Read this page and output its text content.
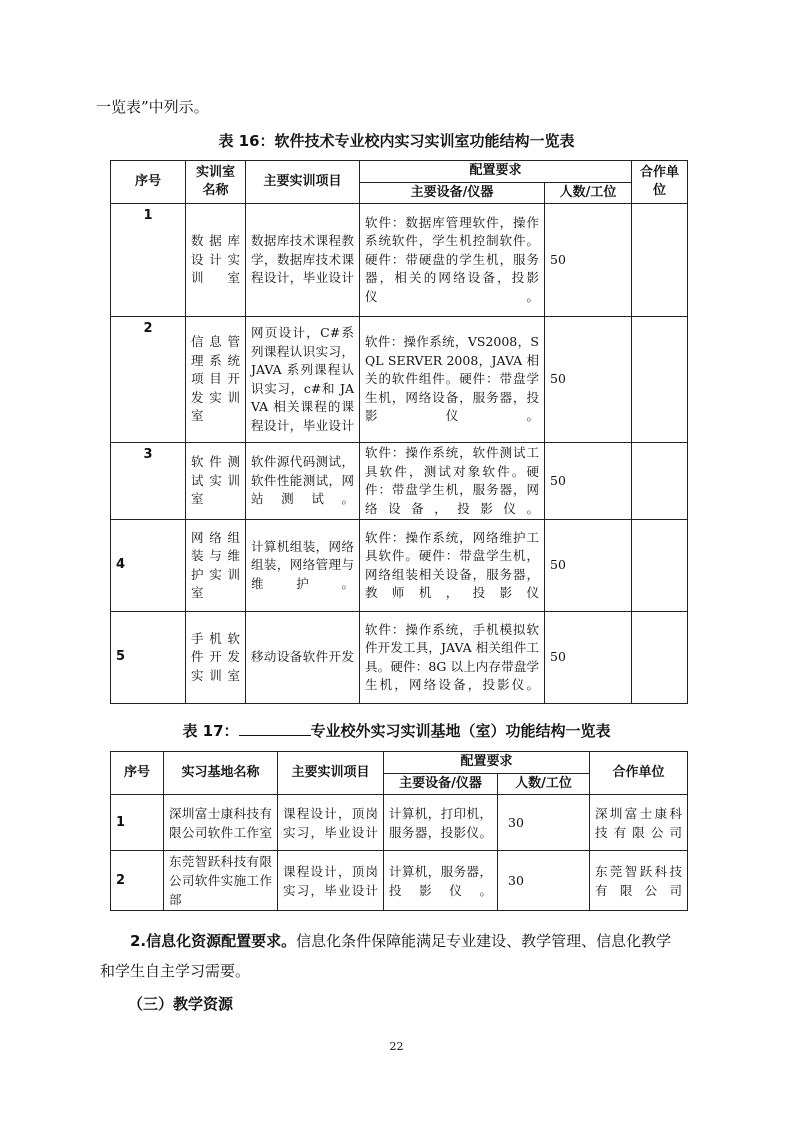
一览表”中列示。
表 16：软件技术专业校内实习实训室功能结构一览表
序号	实训室名称	主要实训项目	配置要求		合作单位
			主要设备/仪器	人数/工位	
1	数据库设计实训室	数据库技术课程教学，数据库技术课程设计，毕业设计	软件：数据库管理软件，操作系统软件，学生机控制软件。硬件：带硬盘的学生机，服务器，相关的网络设备，投影仪。	50	
2	信息管理系统项目开发实训室	网页设计，C#系列课程认识实习，JAVA 系列课程认识实习，c#和 JAVA 相关课程的课程设计，毕业设计	软件：操作系统，VS2008，SQL SERVER 2008，JAVA 相关的软件组件。硬件：带盘学生机，网络设备，服务器，投影仪。	50	
3	软件测试实训室	软件源代码测试，软件性能测试，网站测试。	软件：操作系统，软件测试工具软件，测试对象软件。硬件：带盘学生机，服务器，网络设备，投影仪。	50	
4	网络组装与维护实训室	计算机组装，网络组装，网络管理与维护。	软件：操作系统，网络维护工具软件。硬件：带盘学生机，网络组装相关设备，服务器，教师机，投影仪	50	
5	手机软件开发实训室	移动设备软件开发	软件：操作系统，手机模拟软件开发工具，JAVA 相关组件工具。硬件：8G 以上内存带盘学生机，网络设备，投影仪。	50	
表 17：	专业校外实习实训基地（室）功能结构一览表
序号	实习基地名称	主要实训项目	配置要求		合作单位
			主要设备/仪器	人数/工位	
1	深圳富士康科技有限公司软件工作室	课程设计，顶岗实习，毕业设计	计算机，打印机，服务器，投影仪。	30	深圳富士康科技有限公司
2	东莞智跃科技有限公司软件实施工作部	课程设计，顶岗实习，毕业设计	计算机，服务器，投影仪。	30	东莞智跃科技有限公司
2.信息化资源配置要求。信息化条件保障能满足专业建设、教学管理、信息化教学
和学生自主学习需要。
（三）教学资源
22
